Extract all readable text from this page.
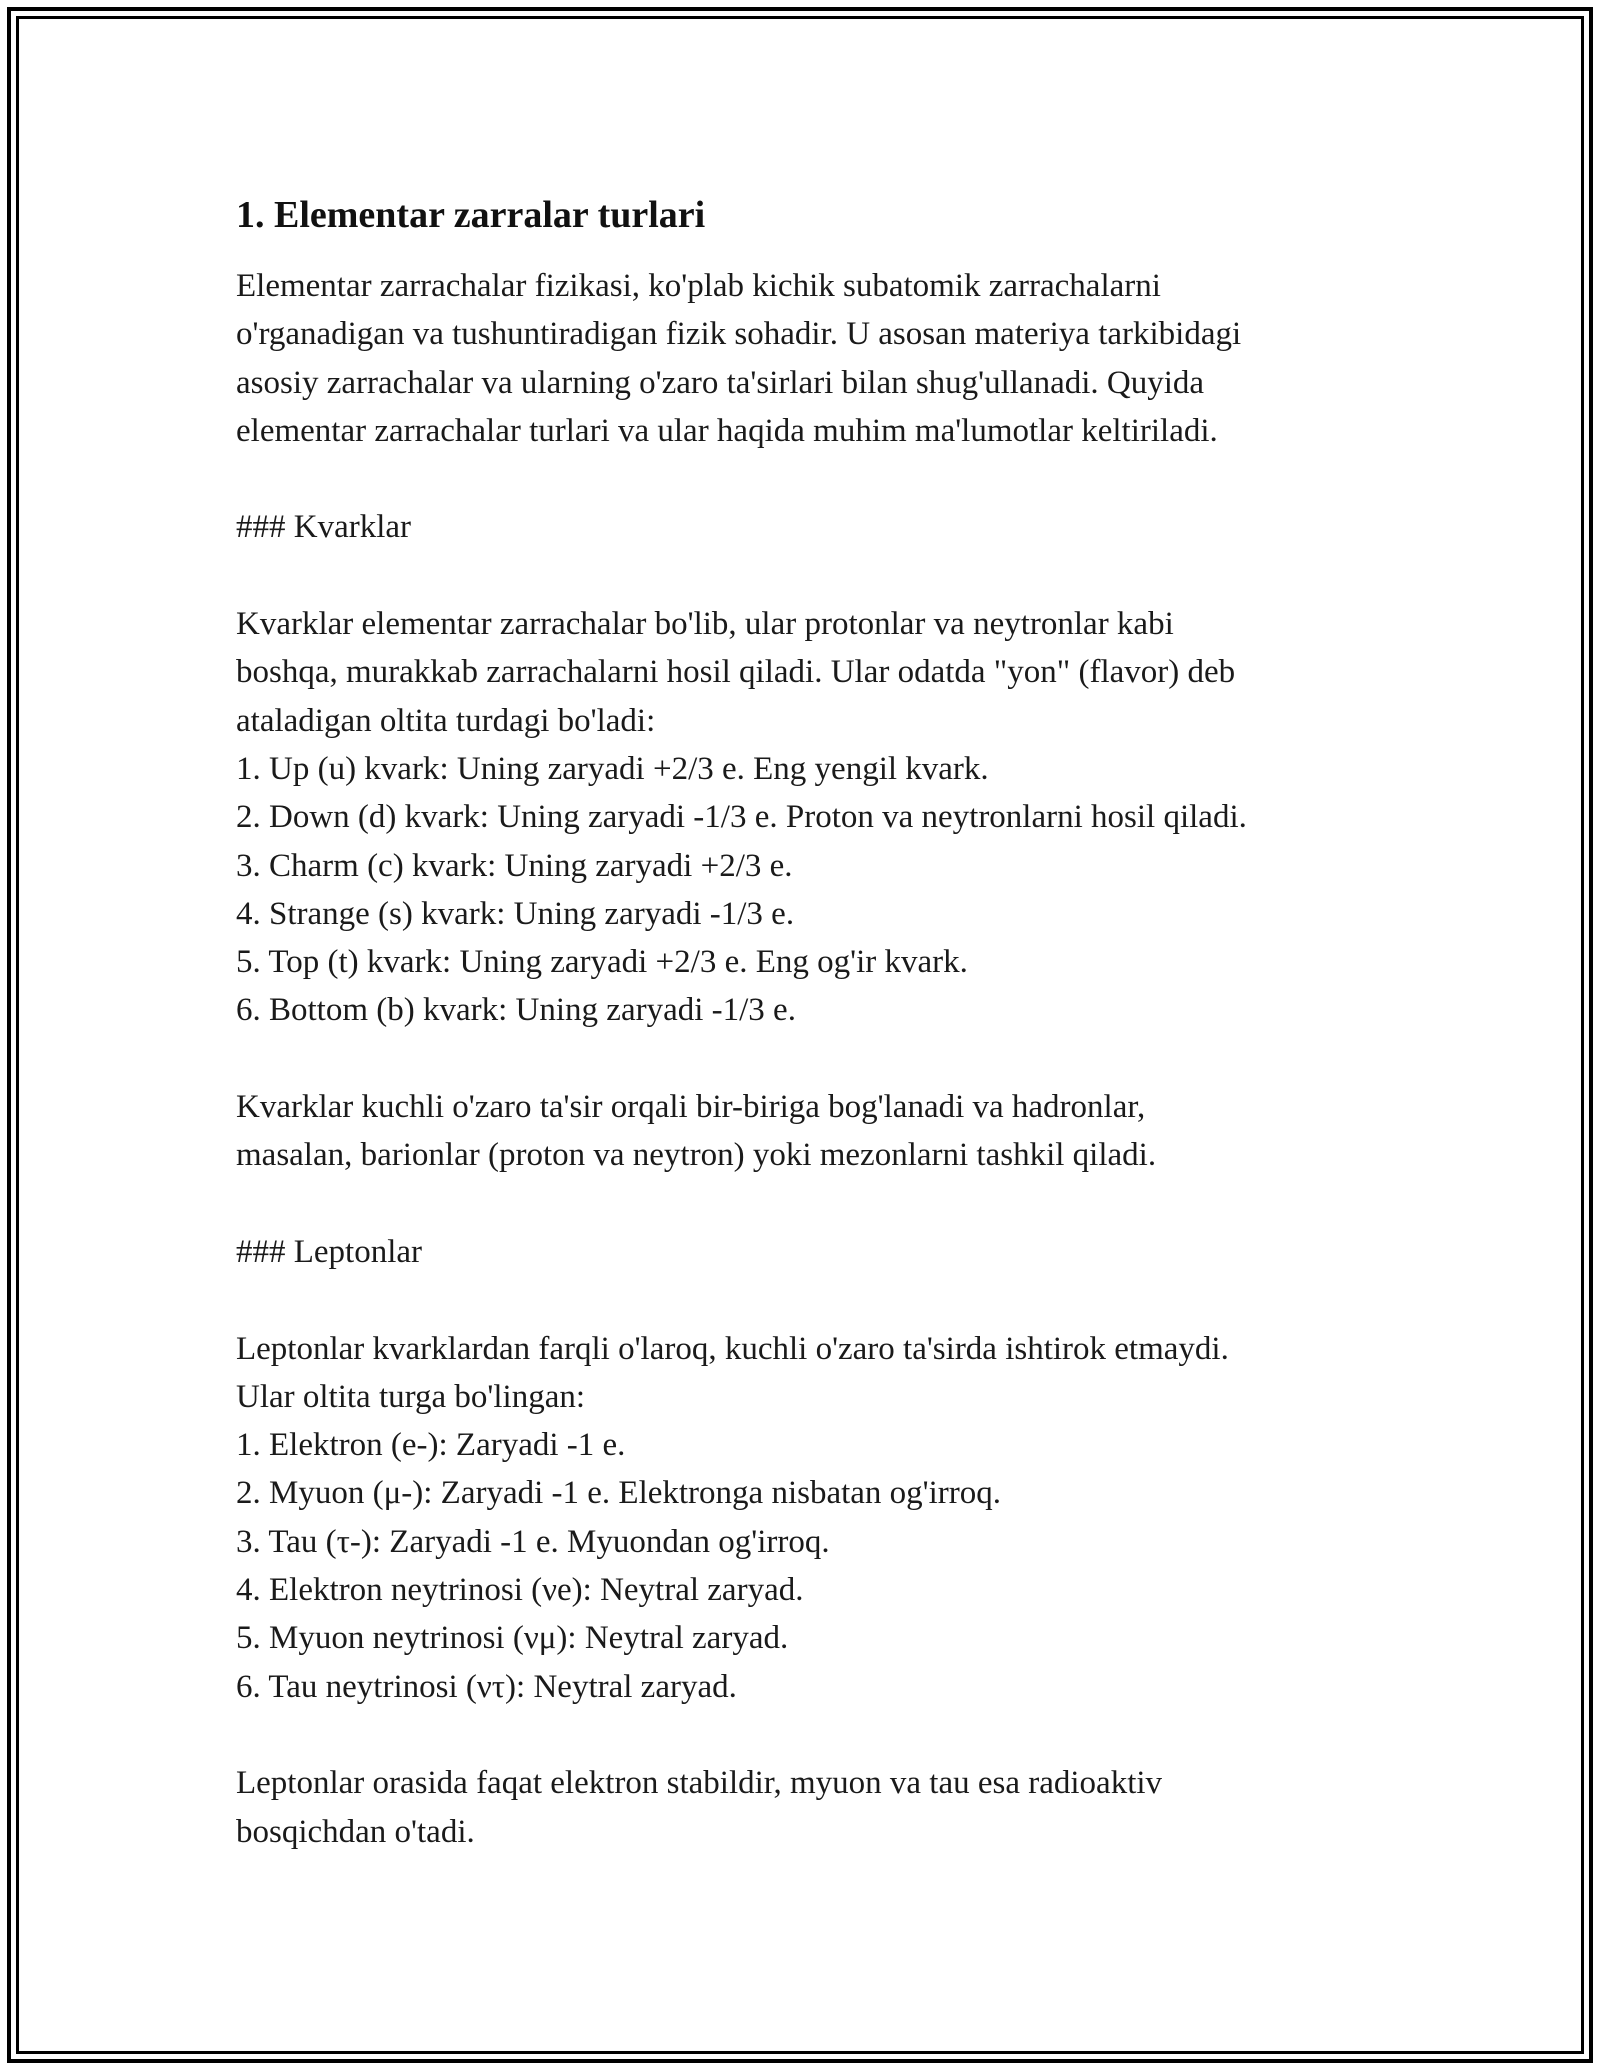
1. Elementar zarralar turlari

Elementar zarrachalar fizikasi, ko'plab kichik subatomik zarrachalarni

o'rganadigan va tushuntiradigan fizik sohadir. U asosan materiya tarkibidagi

asosiy zarrachalar va ularning o'zaro ta'sirlari bilan shug'ullanadi. Quyida

elementar zarrachalar turlari va ular haqida muhim ma'lumotlar keltiriladi.

### Kvarklar

Kvarklar elementar zarrachalar bo'lib, ular protonlar va neytronlar kabi

boshqa, murakkab zarrachalarni hosil qiladi. Ular odatda "yon" (flavor) deb

ataladigan oltita turdagi bo'ladi:

1. Up (u) kvark: Uning zaryadi +2/3 e. Eng yengil kvark.

2. Down (d) kvark: Uning zaryadi -1/3 e. Proton va neytronlarni hosil qiladi.

3. Charm (c) kvark: Uning zaryadi +2/3 e.

4. Strange (s) kvark: Uning zaryadi -1/3 e.

5. Top (t) kvark: Uning zaryadi +2/3 e. Eng og'ir kvark.

6. Bottom (b) kvark: Uning zaryadi -1/3 e.

Kvarklar kuchli o'zaro ta'sir orqali bir-biriga bog'lanadi va hadronlar,

masalan, barionlar (proton va neytron) yoki mezonlarni tashkil qiladi.

### Leptonlar

Leptonlar kvarklardan farqli o'laroq, kuchli o'zaro ta'sirda ishtirok etmaydi.

Ular oltita turga bo'lingan:

1. Elektron (e-): Zaryadi -1 e.

2. Myuon (μ-): Zaryadi -1 e. Elektronga nisbatan og'irroq.

3. Tau (τ-): Zaryadi -1 e. Myuondan og'irroq.

4. Elektron neytrinosi (νe): Neytral zaryad.

5. Myuon neytrinosi (νμ): Neytral zaryad.

6. Tau neytrinosi (ντ): Neytral zaryad.

Leptonlar orasida faqat elektron stabildir, myuon va tau esa radioaktiv

bosqichdan o'tadi.
